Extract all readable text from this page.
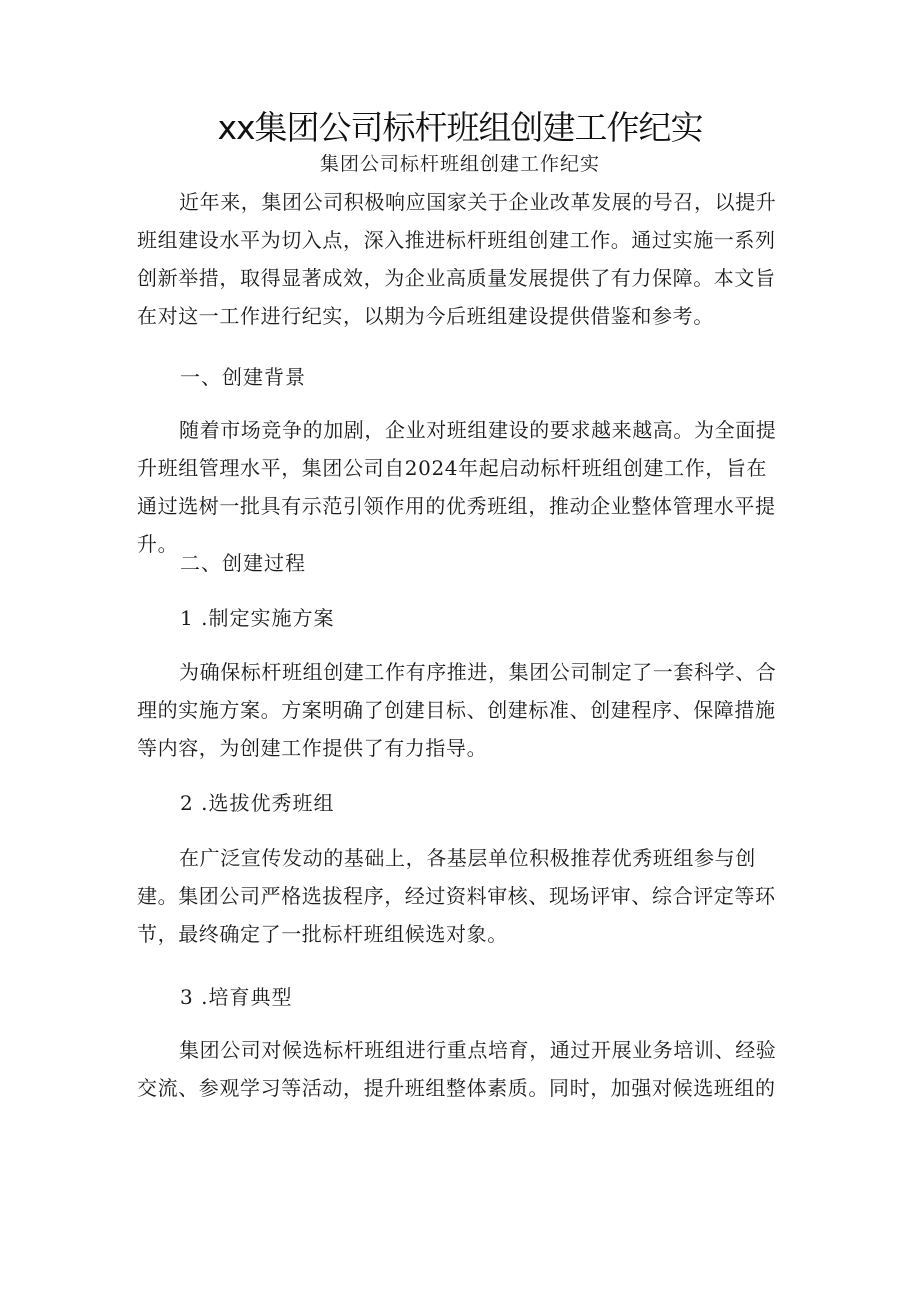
xx集团公司标杆班组创建工作纪实
集团公司标杆班组创建工作纪实

近年来，集团公司积极响应国家关于企业改革发展的号召，以提升班组建设水平为切入点，深入推进标杆班组创建工作。通过实施一系列创新举措，取得显著成效，为企业高质量发展提供了有力保障。本文旨在对这一工作进行纪实，以期为今后班组建设提供借鉴和参考。

一、创建背景

随着市场竞争的加剧，企业对班组建设的要求越来越高。为全面提升班组管理水平，集团公司自2024年起启动标杆班组创建工作，旨在通过选树一批具有示范引领作用的优秀班组，推动企业整体管理水平提升。

二、创建过程
1 .制定实施方案

为确保标杆班组创建工作有序推进，集团公司制定了一套科学、合理的实施方案。方案明确了创建目标、创建标准、创建程序、保障措施等内容，为创建工作提供了有力指导。

2 .选拔优秀班组

在广泛宣传发动的基础上，各基层单位积极推荐优秀班组参与创建。集团公司严格选拔程序，经过资料审核、现场评审、综合评定等环节，最终确定了一批标杆班组候选对象。

3 .培育典型

集团公司对候选标杆班组进行重点培育，通过开展业务培训、经验交流、参观学习等活动，提升班组整体素质。同时，加强对候选班组的
